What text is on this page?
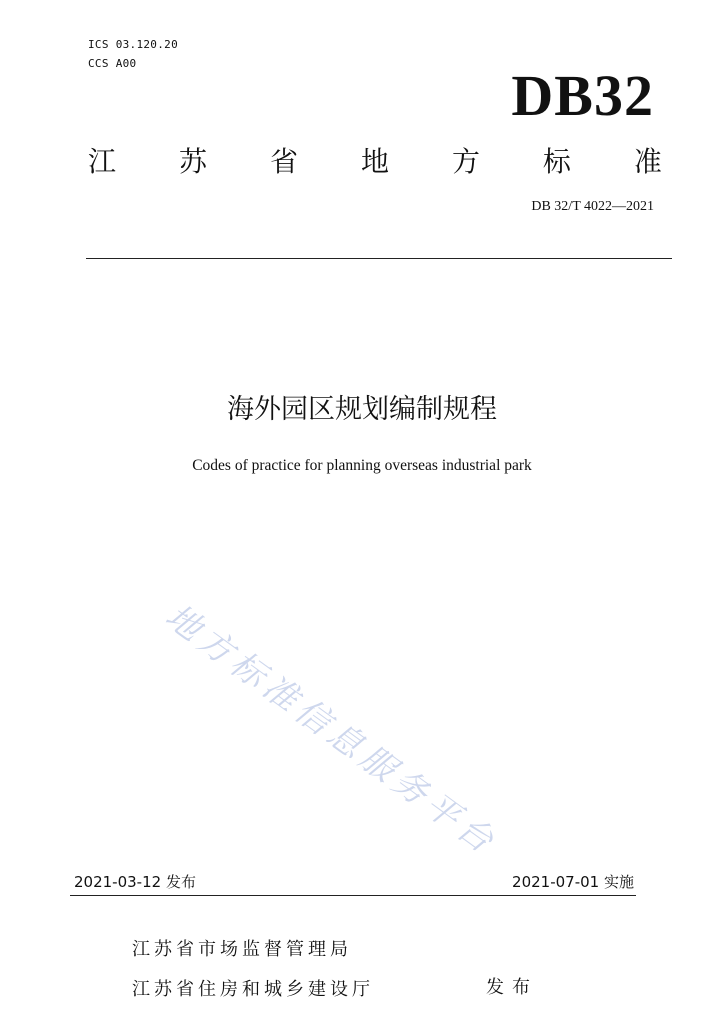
ICS 03.120.20
CCS A00	DB32
江 苏 省 地 方 标 准
DB 32/T 4022—2021
海外园区规划编制规程
Codes of practice for planning overseas industrial park
地方标准信息服务平台
2021-03-12 发布	2021-07-01 实施
江苏省市场监督管理局
江苏省住房和城乡建设厅	发布
